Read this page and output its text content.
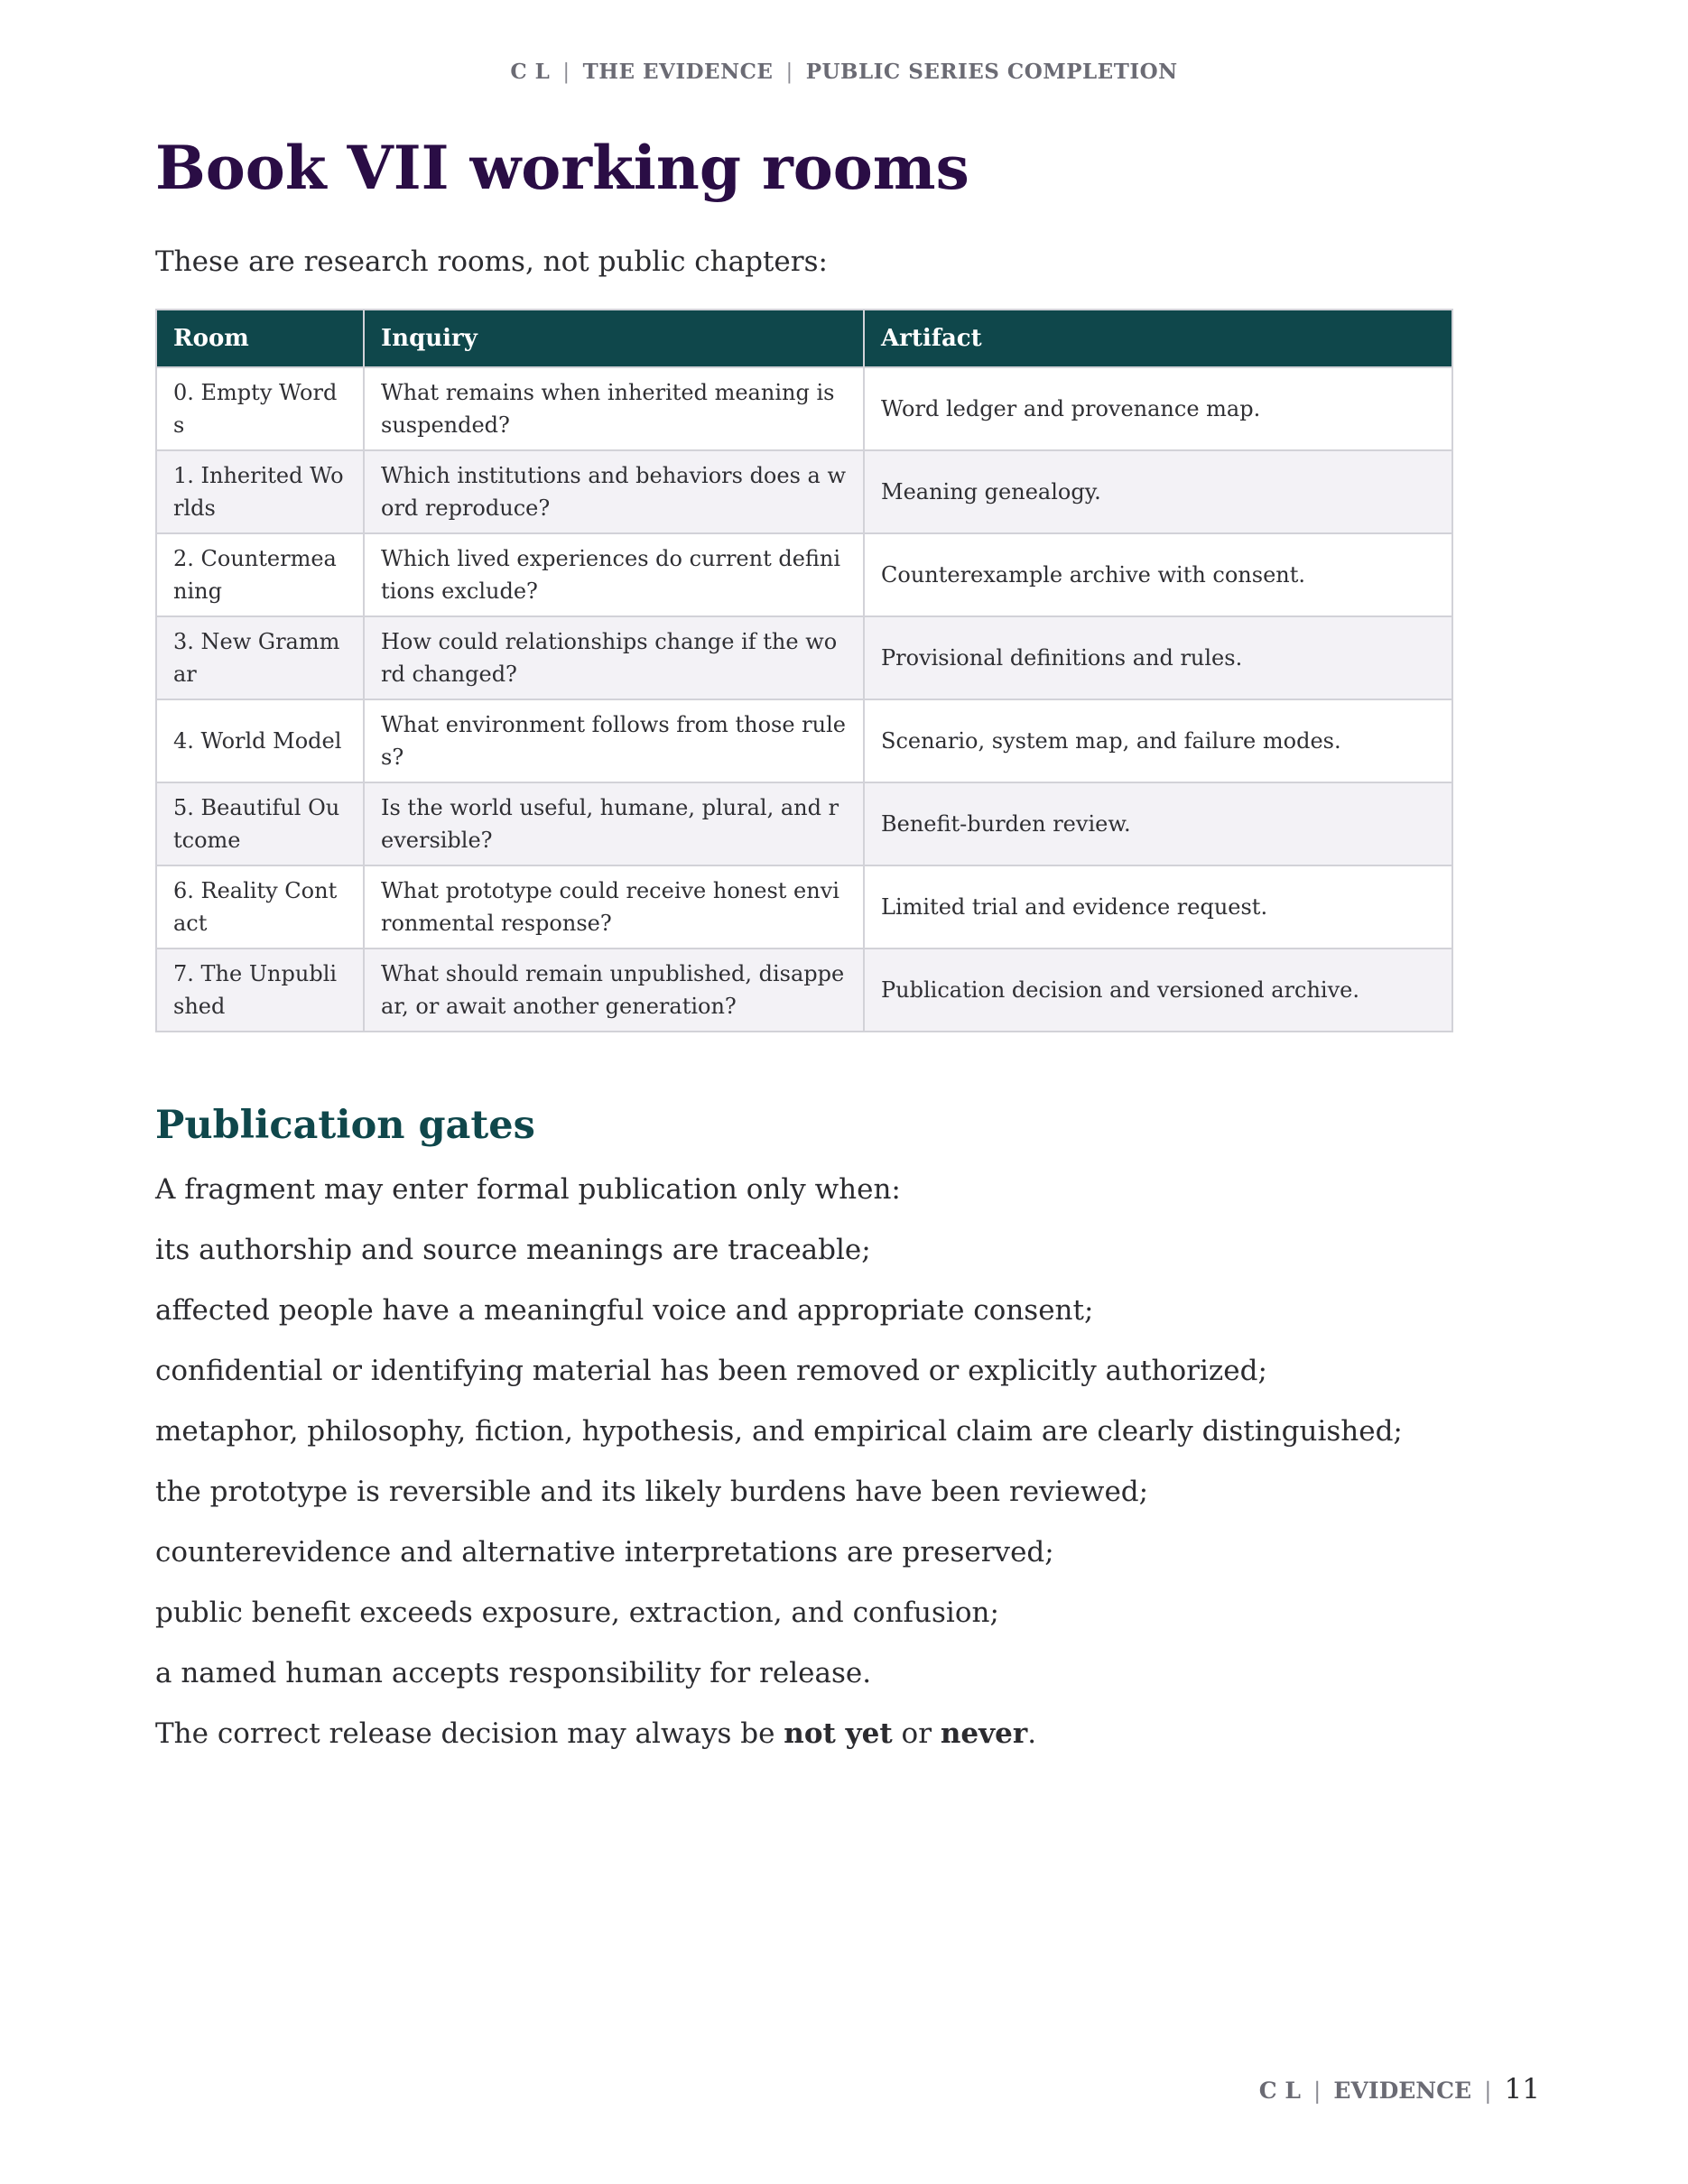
C L | THE EVIDENCE | PUBLIC SERIES COMPLETION
Book VII working rooms

These are research rooms, not public chapters:

Room	Inquiry	Artifact
0. Empty Words	What remains when inherited meaning is suspended?	Word ledger and provenance map.
1. Inherited Worlds	Which institutions and behaviors does a word reproduce?	Meaning genealogy.
2. Countermeaning	Which lived experiences do current definitions exclude?	Counterexample archive with consent.
3. New Grammar	How could relationships change if the word changed?	Provisional definitions and rules.
4. World Model	What environment follows from those rules?	Scenario, system map, and failure modes.
5. Beautiful Outcome	Is the world useful, humane, plural, and reversible?	Benefit-burden review.
6. Reality Contact	What prototype could receive honest environmental response?	Limited trial and evidence request.
7. The Unpublished	What should remain unpublished, disappear, or await another generation?	Publication decision and versioned archive.
Publication gates

A fragment may enter formal publication only when:

its authorship and source meanings are traceable;

affected people have a meaningful voice and appropriate consent;

confidential or identifying material has been removed or explicitly authorized;

metaphor, philosophy, fiction, hypothesis, and empirical claim are clearly distinguished;

the prototype is reversible and its likely burdens have been reviewed;

counterevidence and alternative interpretations are preserved;

public benefit exceeds exposure, extraction, and confusion;

a named human accepts responsibility for release.

The correct release decision may always be not yet or never.

C L | EVIDENCE | 11
